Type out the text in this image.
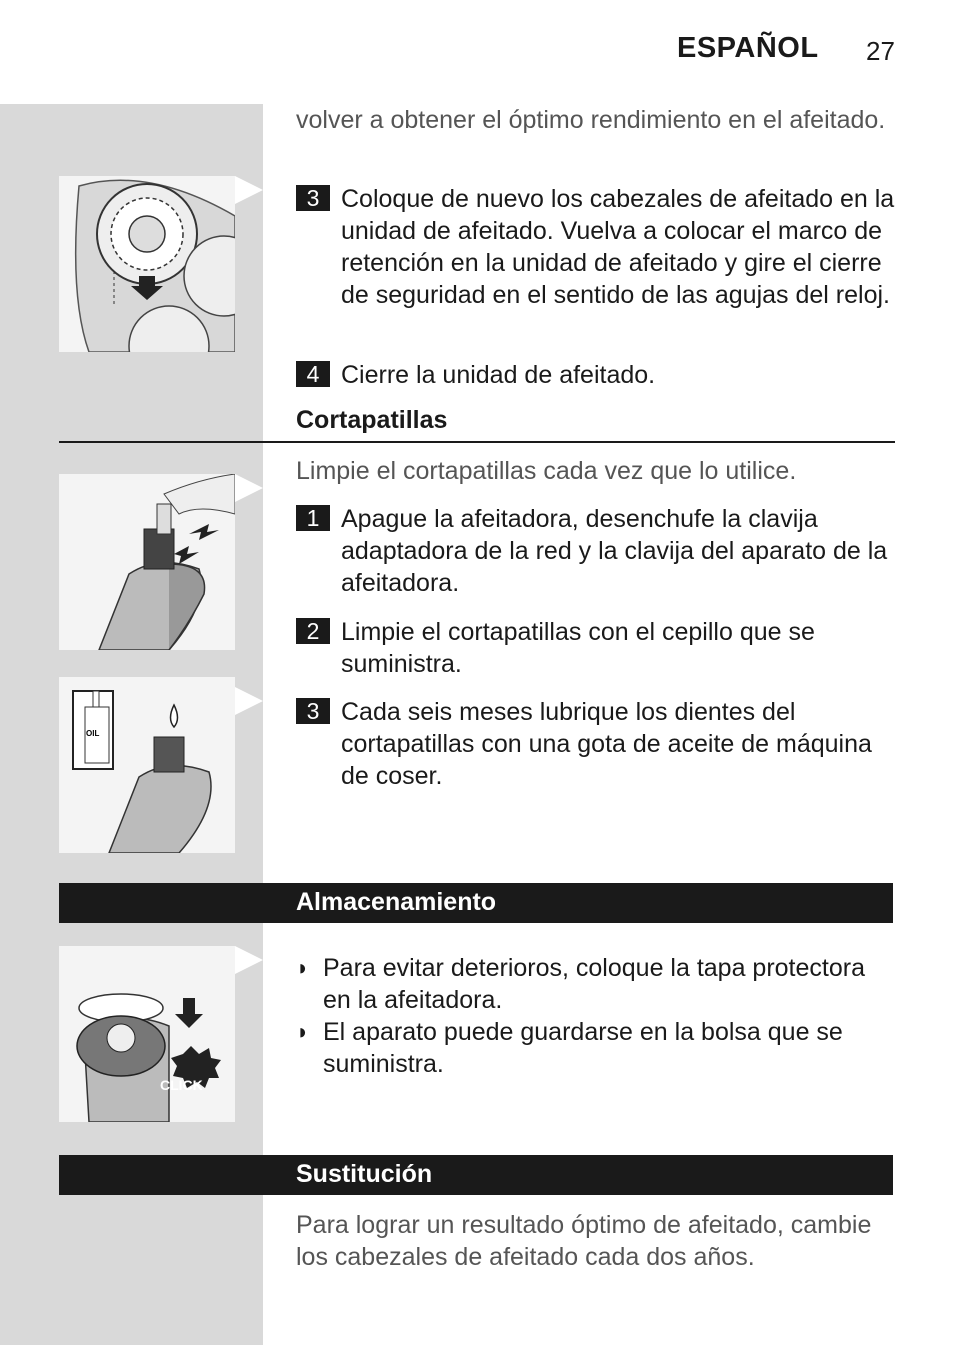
ESPAÑOL 27
volver a obtener el óptimo rendimiento en el afeitado.
3 Coloque de nuevo los cabezales de afeitado en la unidad de afeitado. Vuelva a colocar el marco de retención en la unidad de afeitado y gire el cierre de seguridad en el sentido de las agujas del reloj.
4 Cierre la unidad de afeitado.
Cortapatillas
Limpie el cortapatillas cada vez que lo utilice.
1 Apague la afeitadora, desenchufe la clavija adaptadora de la red y la clavija del aparato de la afeitadora.
2 Limpie el cortapatillas con el cepillo que se suministra.
OIL
3 Cada seis meses lubrique los dientes del cortapatillas con una gota de aceite de máquina de coser.
Almacenamiento
CLICK
◗ Para evitar deterioros, coloque la tapa protectora en la afeitadora.
◗ El aparato puede guardarse en la bolsa que se suministra.
Sustitución
Para lograr un resultado óptimo de afeitado, cambie los cabezales de afeitado cada dos años.
